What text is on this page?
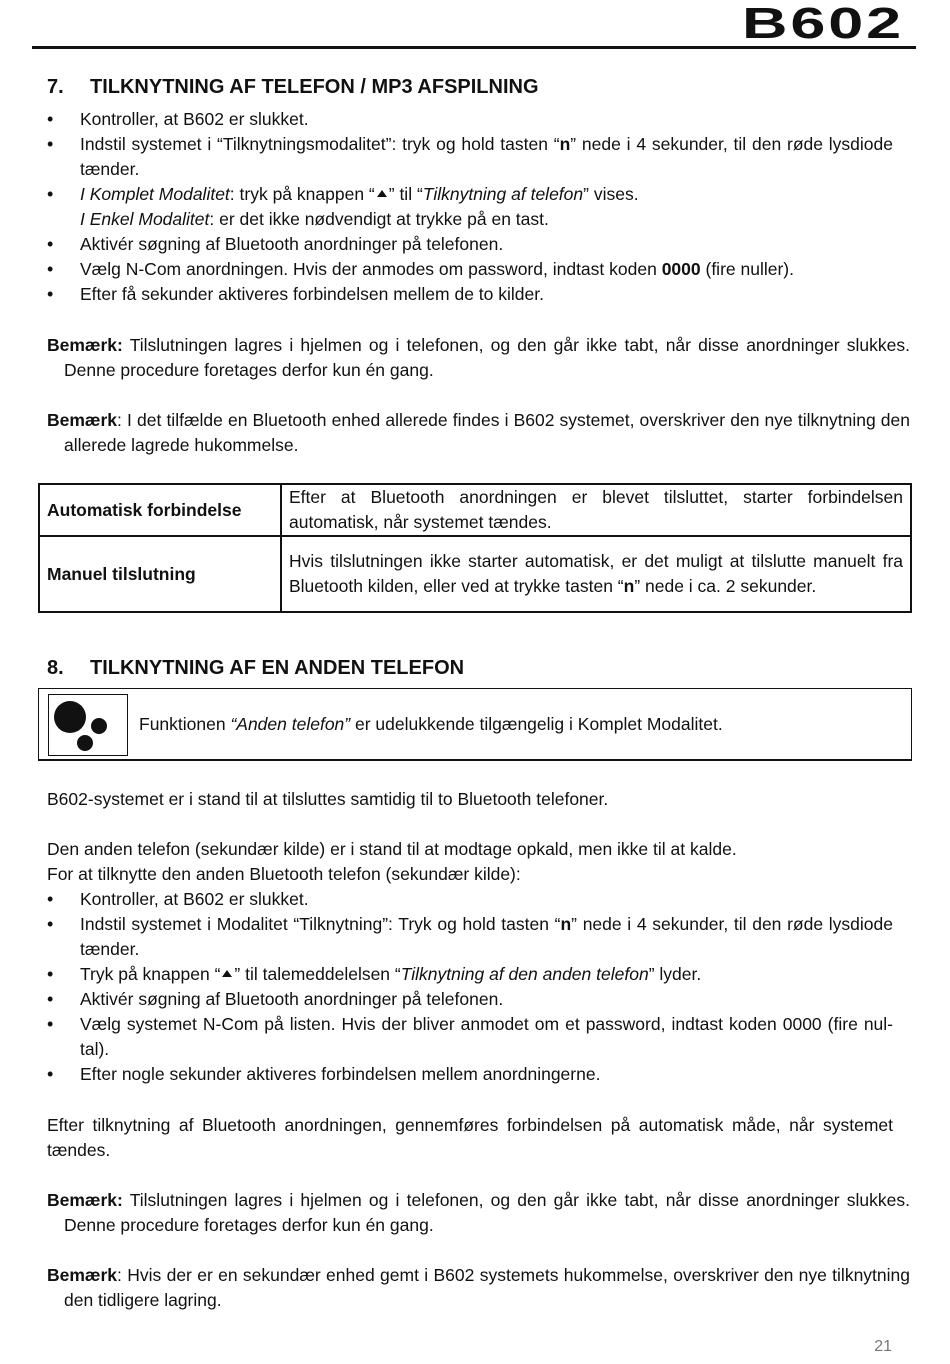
B602
7. TILKNYTNING AF TELEFON / MP3 AFSPILNING
• Kontroller, at B602 er slukket.
• Indstil systemet i “Tilknytningsmodalitet”: tryk og hold tasten “n” nede i 4 sekunder, til den røde lysdiode tænder.
• I Komplet Modalitet: tryk på knappen “ ” til “Tilknytning af telefon” vises.
I Enkel Modalitet: er det ikke nødvendigt at trykke på en tast.
• Aktivér søgning af Bluetooth anordninger på telefonen.
• Vælg N-Com anordningen. Hvis der anmodes om password, indtast koden 0000 (fire nuller).
• Efter få sekunder aktiveres forbindelsen mellem de to kilder.
Bemærk: Tilslutningen lagres i hjelmen og i telefonen, og den går ikke tabt, når disse anordninger slukkes. Denne procedure foretages derfor kun én gang.
Bemærk: I det tilfælde en Bluetooth enhed allerede findes i B602 systemet, overskriver den nye tilknytning den allerede lagrede hukommelse.
Automatisk forbindelse	Efter at Bluetooth anordningen er blevet tilsluttet, starter forbindelsen automatisk, når systemet tændes.
Manuel tilslutning	Hvis tilslutningen ikke starter automatisk, er det muligt at tilslutte manuelt fra Bluetooth kilden, eller ved at trykke tasten “n” nede i ca. 2 sekunder.
8. TILKNYTNING AF EN ANDEN TELEFON
Funktionen “Anden telefon” er udelukkende tilgængelig i Komplet Modalitet.
B602-systemet er i stand til at tilsluttes samtidig til to Bluetooth telefoner.
Den anden telefon (sekundær kilde) er i stand til at modtage opkald, men ikke til at kalde.
For at tilknytte den anden Bluetooth telefon (sekundær kilde):
• Kontroller, at B602 er slukket.
• Indstil systemet i Modalitet “Tilknytning”: Tryk og hold tasten “n” nede i 4 sekunder, til den røde lysdiode tænder.
• Tryk på knappen “ ” til talemeddelelsen “Tilknytning af den anden telefon” lyder.
• Aktivér søgning af Bluetooth anordninger på telefonen.
• Vælg systemet N-Com på listen. Hvis der bliver anmodet om et password, indtast koden 0000 (fire nul-tal).
• Efter nogle sekunder aktiveres forbindelsen mellem anordningerne.
Efter tilknytning af Bluetooth anordningen, gennemføres forbindelsen på automatisk måde, når systemet tændes.
Bemærk: Tilslutningen lagres i hjelmen og i telefonen, og den går ikke tabt, når disse anordninger slukkes. Denne procedure foretages derfor kun én gang.
Bemærk: Hvis der er en sekundær enhed gemt i B602 systemets hukommelse, overskriver den nye tilknytning den tidligere lagring.
21
